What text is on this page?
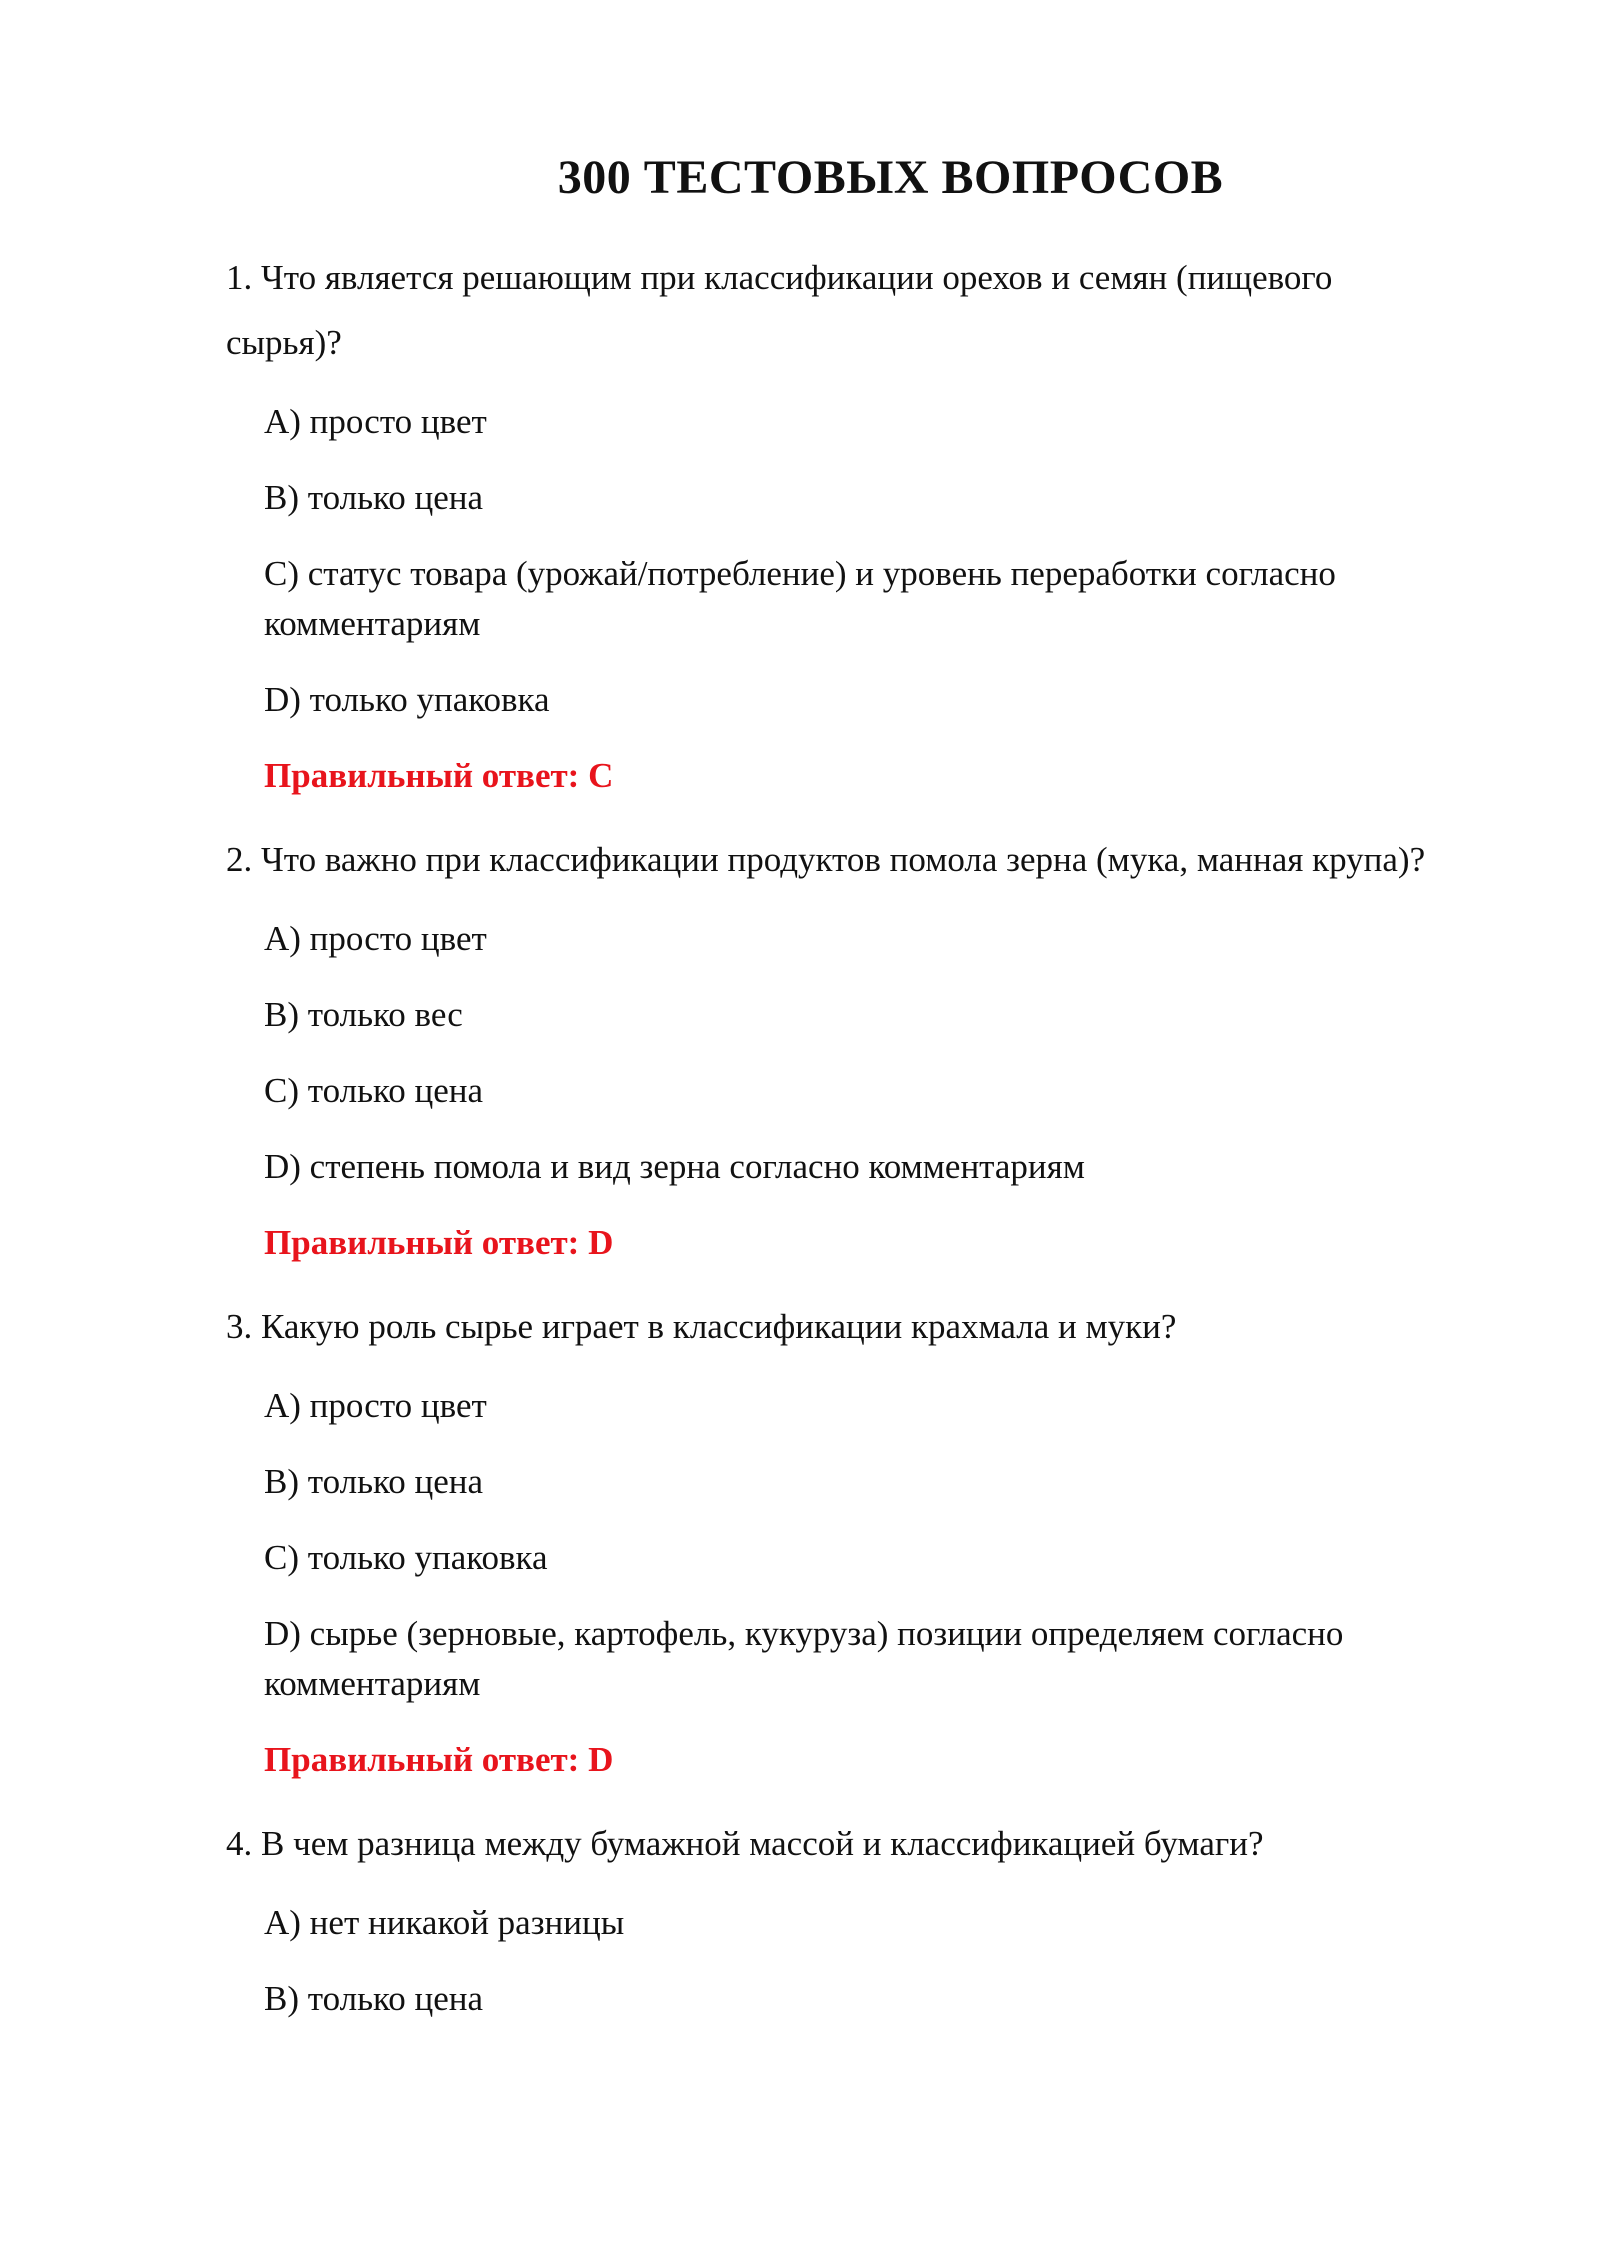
300 ТЕСТОВЫХ ВОПРОСОВ

1. Что является решающим при классификации орехов и семян (пищевого сырья)?

A) просто цвет

B) только цена

C) статус товара (урожай/потребление) и уровень переработки согласно комментариям

D) только упаковка

Правильный ответ: C

2. Что важно при классификации продуктов помола зерна (мука, манная крупа)?

A) просто цвет

B) только вес

C) только цена

D) степень помола и вид зерна согласно комментариям

Правильный ответ: D

3. Какую роль сырье играет в классификации крахмала и муки?

A) просто цвет

B) только цена

C) только упаковка

D) сырье (зерновые, картофель, кукуруза) позиции определяем согласно комментариям

Правильный ответ: D

4. В чем разница между бумажной массой и классификацией бумаги?

A) нет никакой разницы

B) только цена
